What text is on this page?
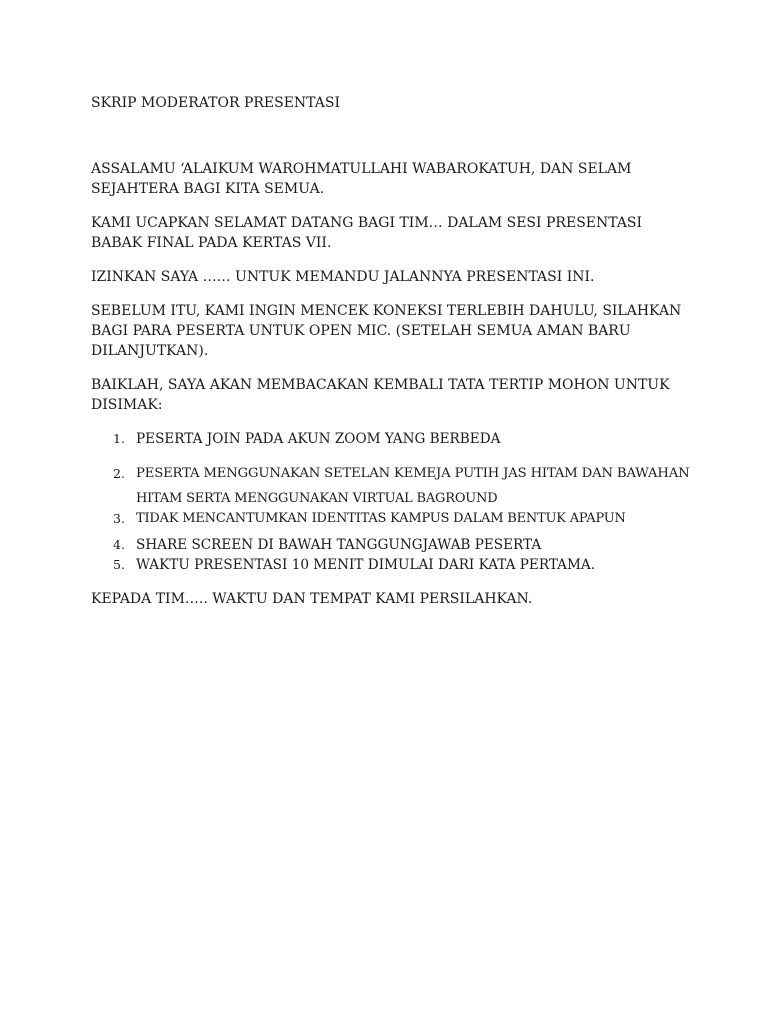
SKRIP MODERATOR PRESENTASI

ASSALAMU ‘ALAIKUM WAROHMATULLAHI WABAROKATUH, DAN SELAM
SEJAHTERA BAGI KITA SEMUA.

KAMI UCAPKAN SELAMAT DATANG BAGI TIM… DALAM SESI PRESENTASI
BABAK FINAL PADA KERTAS VII.

IZINKAN SAYA …… UNTUK MEMANDU JALANNYA PRESENTASI INI.

SEBELUM ITU, KAMI INGIN MENCEK KONEKSI TERLEBIH DAHULU, SILAHKAN
BAGI PARA PESERTA UNTUK OPEN MIC. (SETELAH SEMUA AMAN BARU
DILANJUTKAN).

BAIKLAH, SAYA AKAN MEMBACAKAN KEMBALI TATA TERTIP MOHON UNTUK
DISIMAK:

1. PESERTA JOIN PADA AKUN ZOOM YANG BERBEDA
2. PESERTA MENGGUNAKAN SETELAN KEMEJA PUTIH JAS HITAM DAN BAWAHAN
HITAM SERTA MENGGUNAKAN VIRTUAL BAGROUND
3. TIDAK MENCANTUMKAN IDENTITAS KAMPUS DALAM BENTUK APAPUN
4. SHARE SCREEN DI BAWAH TANGGUNGJAWAB PESERTA
5. WAKTU PRESENTASI 10 MENIT DIMULAI DARI KATA PERTAMA.

KEPADA TIM….. WAKTU DAN TEMPAT KAMI PERSILAHKAN.
